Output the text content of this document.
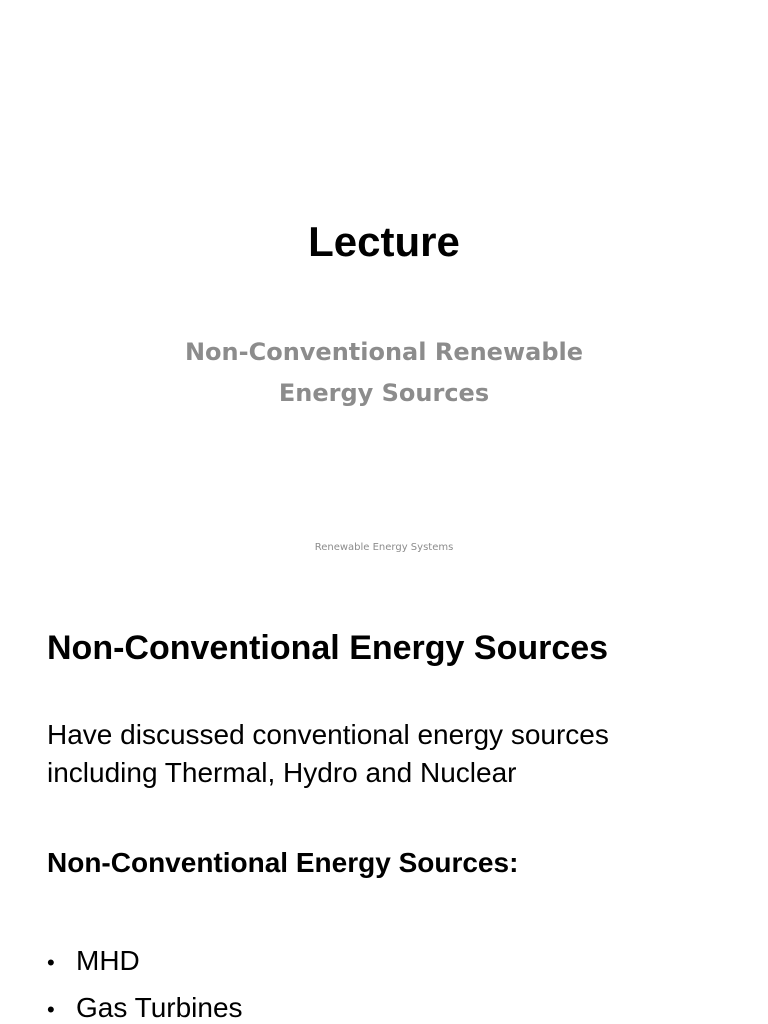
Lecture
Non-Conventional Renewable
Energy Sources
Renewable Energy Systems
Non-Conventional Energy Sources
Have discussed conventional energy sources
including Thermal, Hydro and Nuclear
Non-Conventional Energy Sources:
• MHD
• Gas Turbines
